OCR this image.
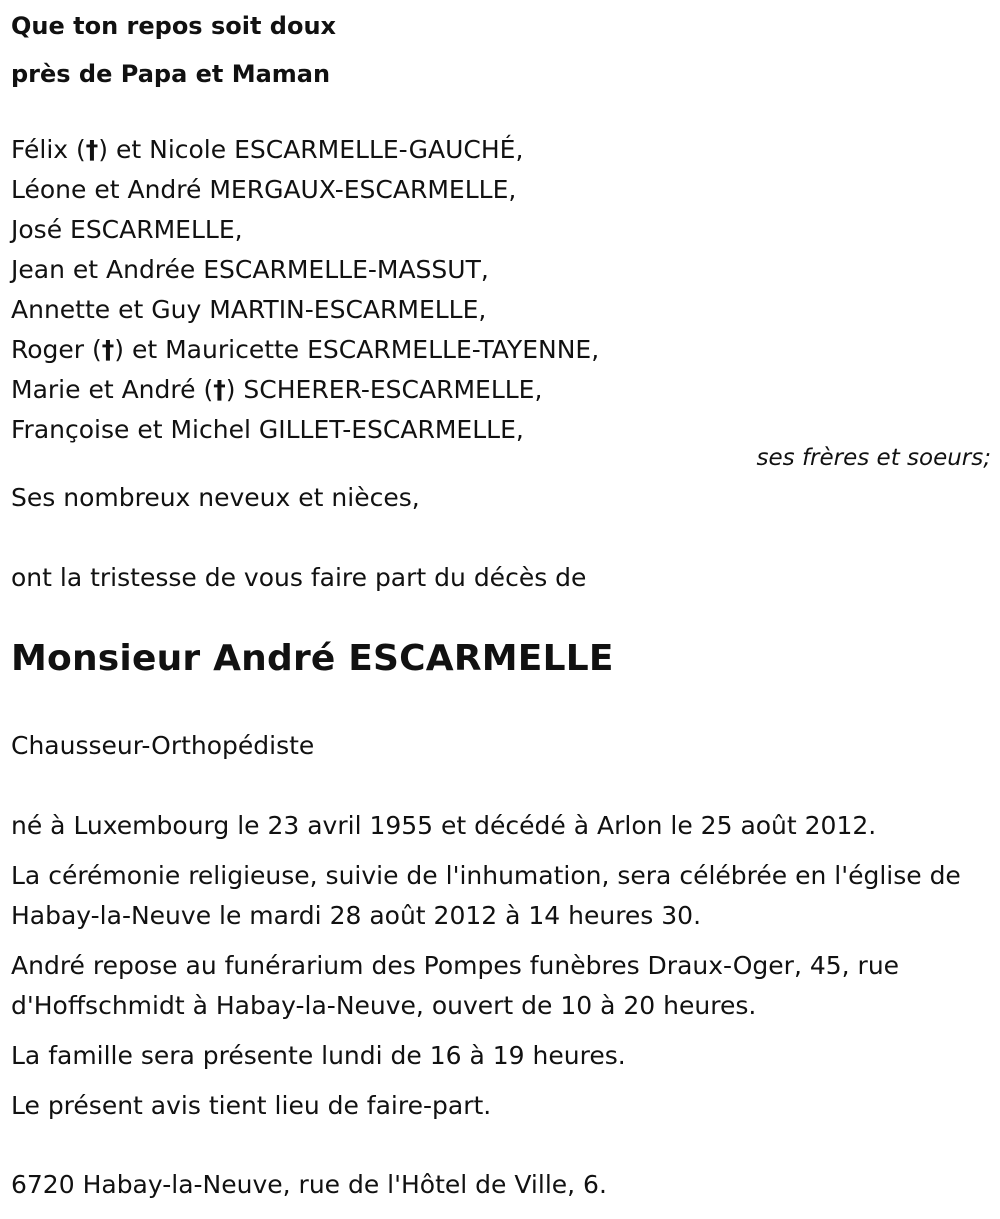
Que ton repos soit doux
près de Papa et Maman
Félix (†) et Nicole ESCARMELLE-GAUCHÉ,
Léone et André MERGAUX-ESCARMELLE,
José ESCARMELLE,
Jean et Andrée ESCARMELLE-MASSUT,
Annette et Guy MARTIN-ESCARMELLE,
Roger (†) et Mauricette ESCARMELLE-TAYENNE,
Marie et André (†) SCHERER-ESCARMELLE,
Françoise et Michel GILLET-ESCARMELLE,
ses frères et soeurs;
Ses nombreux neveux et nièces,
ont la tristesse de vous faire part du décès de
Monsieur André ESCARMELLE
Chausseur-Orthopédiste

né à Luxembourg le 23 avril 1955 et décédé à Arlon le 25 août 2012.

La cérémonie religieuse, suivie de l'inhumation, sera célébrée en l'église de Habay-la-Neuve le mardi 28 août 2012 à 14 heures 30.

André repose au funérarium des Pompes funèbres Draux-Oger, 45, rue d'Hoffschmidt à Habay-la-Neuve, ouvert de 10 à 20 heures.

La famille sera présente lundi de 16 à 19 heures.

Le présent avis tient lieu de faire-part.

6720 Habay-la-Neuve, rue de l'Hôtel de Ville, 6.
